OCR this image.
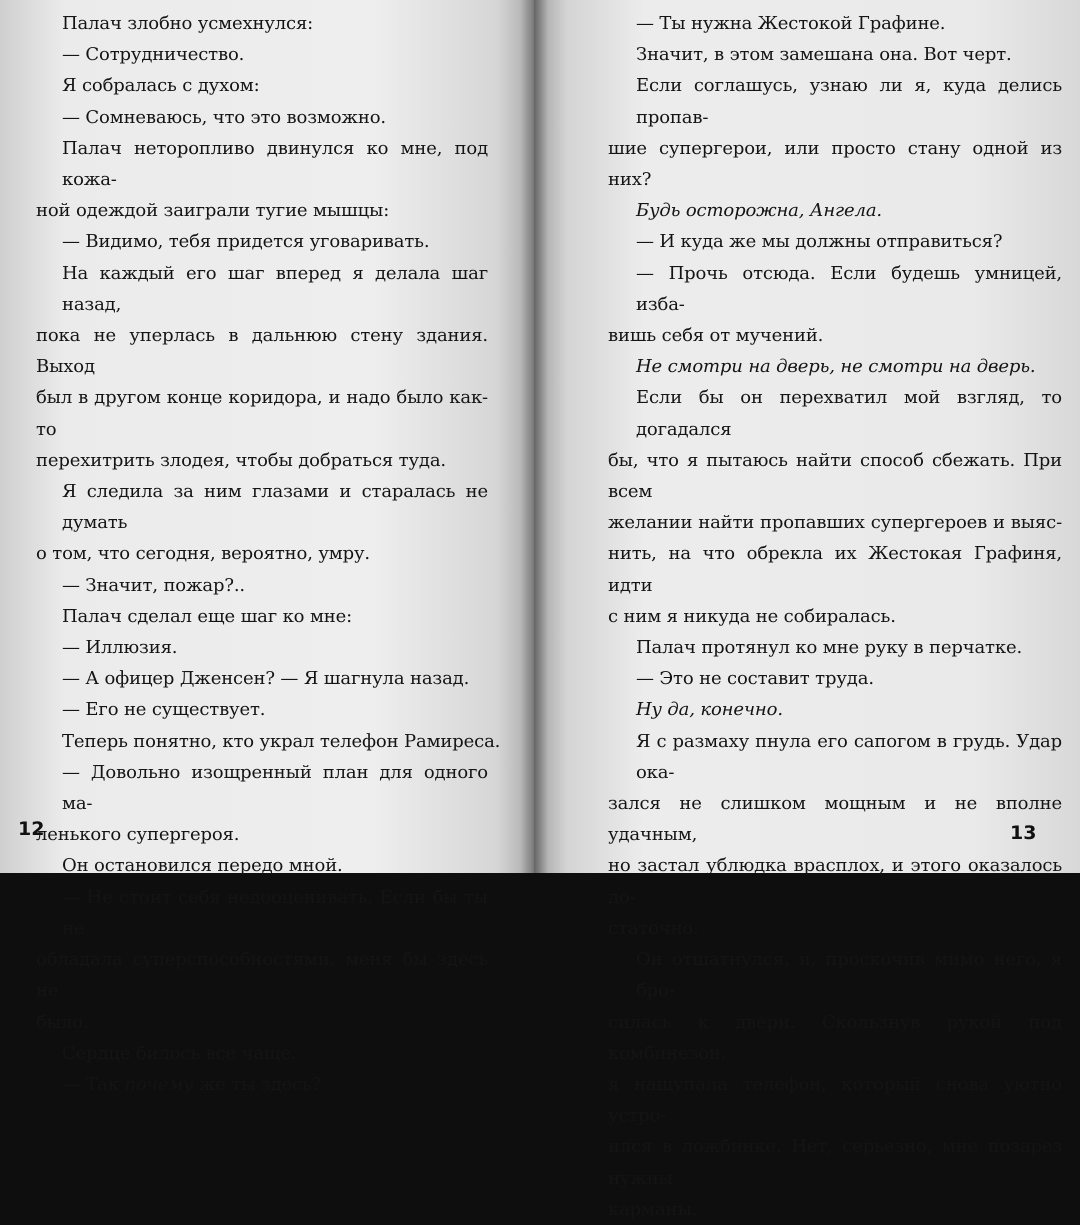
Палач злобно усмехнулся:
— Сотрудничество.
Я собралась с духом:
— Сомневаюсь, что это возможно.
Палач неторопливо двинулся ко мне, под кожа-
ной одеждой заиграли тугие мышцы:
— Видимо, тебя придется уговаривать.
На каждый его шаг вперед я делала шаг назад,
пока не уперлась в дальнюю стену здания. Выход
был в другом конце коридора, и надо было как-то
перехитрить злодея, чтобы добраться туда.
Я следила за ним глазами и старалась не думать
о том, что сегодня, вероятно, умру.
— Значит, пожар?..
Палач сделал еще шаг ко мне:
— Иллюзия.
— А офицер Дженсен? — Я шагнула назад.
— Его не существует.
Теперь понятно, кто украл телефон Рамиреса.
— Довольно изощренный план для одного ма-
ленького супергероя.
Он остановился передо мной.
— Не стоит себя недооценивать. Если бы ты не
обладала суперспособностями, меня бы здесь не
было.
Сердце билось все чаще.
— Так почему же ты здесь?
12
— Ты нужна Жестокой Графине.
Значит, в этом замешана она. Вот черт.
Если соглашусь, узнаю ли я, куда делись пропав-
шие супергерои, или просто стану одной из них?
Будь осторожна, Ангела.
— И куда же мы должны отправиться?
— Прочь отсюда. Если будешь умницей, изба-
вишь себя от мучений.
Не смотри на дверь, не смотри на дверь.
Если бы он перехватил мой взгляд, то догадался
бы, что я пытаюсь найти способ сбежать. При всем
желании найти пропавших супергероев и выяс-
нить, на что обрекла их Жестокая Графиня, идти
с ним я никуда не собиралась.
Палач протянул ко мне руку в перчатке.
— Это не составит труда.
Ну да, конечно.
Я с размаху пнула его сапогом в грудь. Удар ока-
зался не слишком мощным и не вполне удачным,
но застал ублюдка врасплох, и этого оказалось до-
статочно.
Он отшатнулся, и, проскочив мимо него, я бро-
силась к двери. Скользнув рукой под комбинезон,
я нащупала телефон, который снова уютно устро-
ился в ложбинке. Нет, серьезно, мне позарез нужны
карманы.
13
